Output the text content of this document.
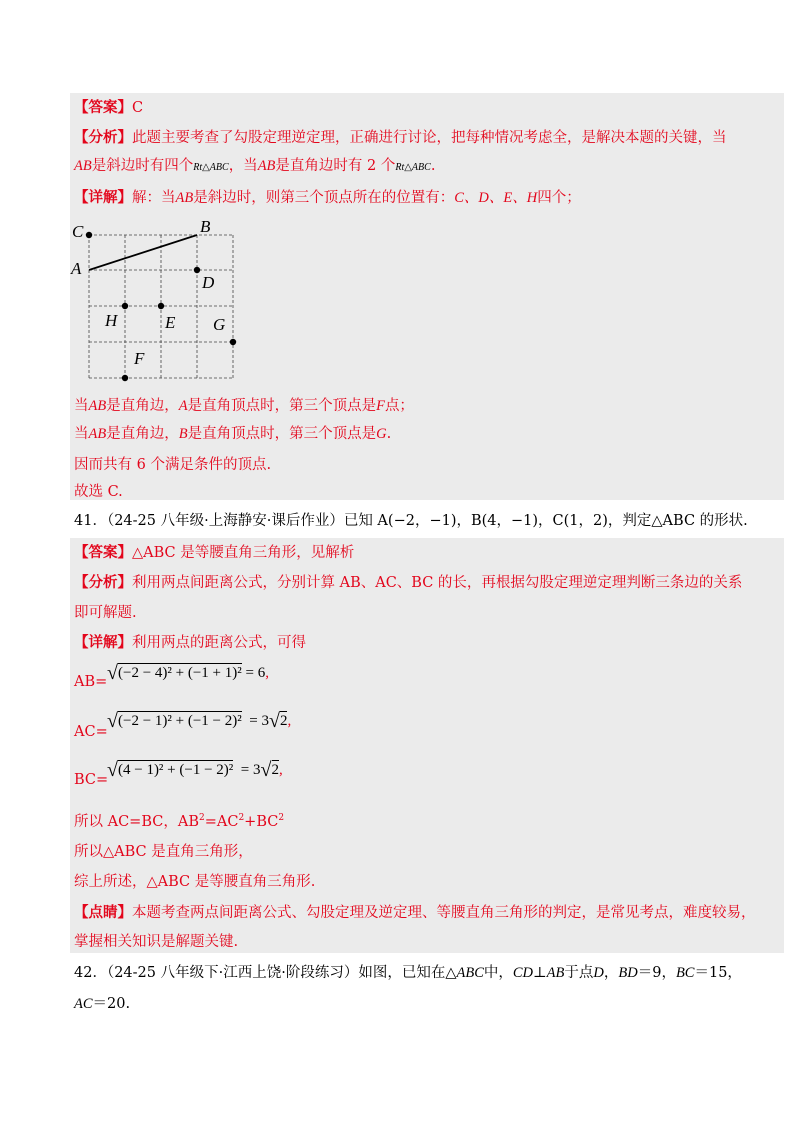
【答案】C
【分析】此题主要考查了勾股定理逆定理，正确进行讨论，把每种情况考虑全，是解决本题的关键，当
AB是斜边时有四个Rt△ABC，当AB是直角边时有 2 个Rt△ABC.
【详解】解：当AB是斜边时，则第三个顶点所在的位置有：C、D、E、H四个；
C	B
A
D
H	E G
F
当AB是直角边，A是直角顶点时，第三个顶点是F点；
当AB是直角边，B是直角顶点时，第三个顶点是G.
因而共有 6 个满足条件的顶点.
故选 C.
41．（24-25 八年级·上海静安·课后作业）已知 A(−2，−1)，B(4，−1)，C(1，2)，判定△ABC 的形状.
【答案】△ABC 是等腰直角三角形，见解析
【分析】利用两点间距离公式，分别计算 AB、AC、BC 的长，再根据勾股定理逆定理判断三条边的关系
即可解题.
【详解】利用两点的距离公式，可得
AB= √(−2 − 4)² + (−1 + 1)² = 6,
AC= √(−2 − 1)² + (−1 − 2)² = 3√2,
BC=
√(4 − 1)² + (−1 − 2)² = 3√2,
所以 AC=BC，$AB^2=AC^2+BC^2$
所以△ABC 是直角三角形，
综上所述，△ABC 是等腰直角三角形.
【点睛】本题考查两点间距离公式、勾股定理及逆定理、等腰直角三角形的判定，是常见考点，难度较易，
掌握相关知识是解题关键.
42．（24-25 八年级下·江西上饶·阶段练习）如图，已知在△ABC中，CD⊥AB于点D，BD＝9，BC＝15，
AC＝20.
